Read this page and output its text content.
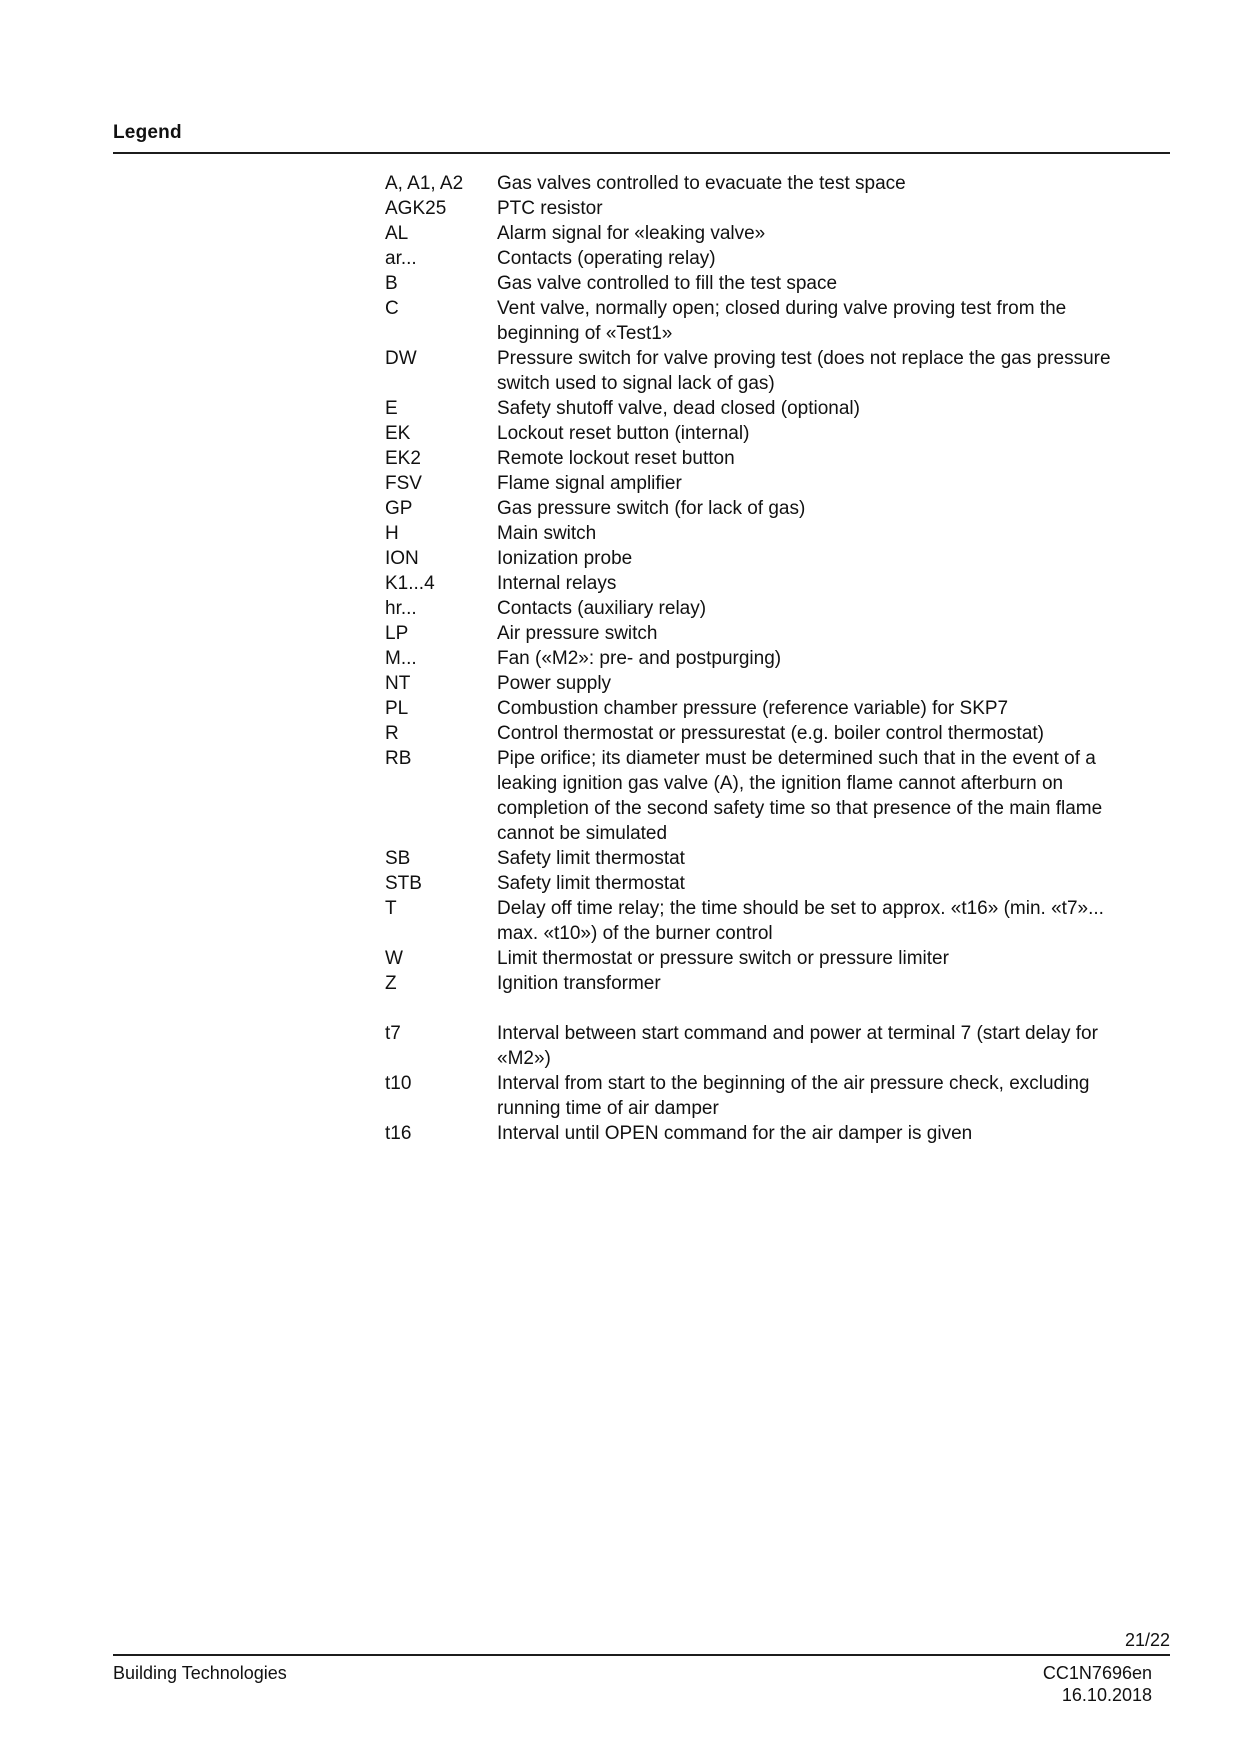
Legend
A, A1, A2	Gas valves controlled to evacuate the test space
AGK25	PTC resistor
AL	Alarm signal for «leaking valve»
ar...	Contacts (operating relay)
B	Gas valve controlled to fill the test space
C	Vent valve, normally open; closed during valve proving test from the
beginning of «Test1»
DW	Pressure switch for valve proving test (does not replace the gas pressure
switch used to signal lack of gas)
E	Safety shutoff valve, dead closed (optional)
EK	Lockout reset button (internal)
EK2	Remote lockout reset button
FSV	Flame signal amplifier
GP	Gas pressure switch (for lack of gas)
H	Main switch
ION	Ionization probe
K1...4	Internal relays
hr...	Contacts (auxiliary relay)
LP	Air pressure switch
M...	Fan («M2»: pre- and postpurging)
NT	Power supply
PL	Combustion chamber pressure (reference variable) for SKP7
R	Control thermostat or pressurestat (e.g. boiler control thermostat)
RB	Pipe orifice; its diameter must be determined such that in the event of a
leaking ignition gas valve (A), the ignition flame cannot afterburn on
completion of the second safety time so that presence of the main flame
cannot be simulated
SB	Safety limit thermostat
STB	Safety limit thermostat
T	Delay off time relay; the time should be set to approx. «t16» (min. «t7»...
max. «t10») of the burner control
W	Limit thermostat or pressure switch or pressure limiter
Z	Ignition transformer
t7	Interval between start command and power at terminal 7 (start delay for
«M2»)
t10	Interval from start to the beginning of the air pressure check, excluding
running time of air damper
t16	Interval until OPEN command for the air damper is given
21/22
Building Technologies	CC1N7696en
16.10.2018
